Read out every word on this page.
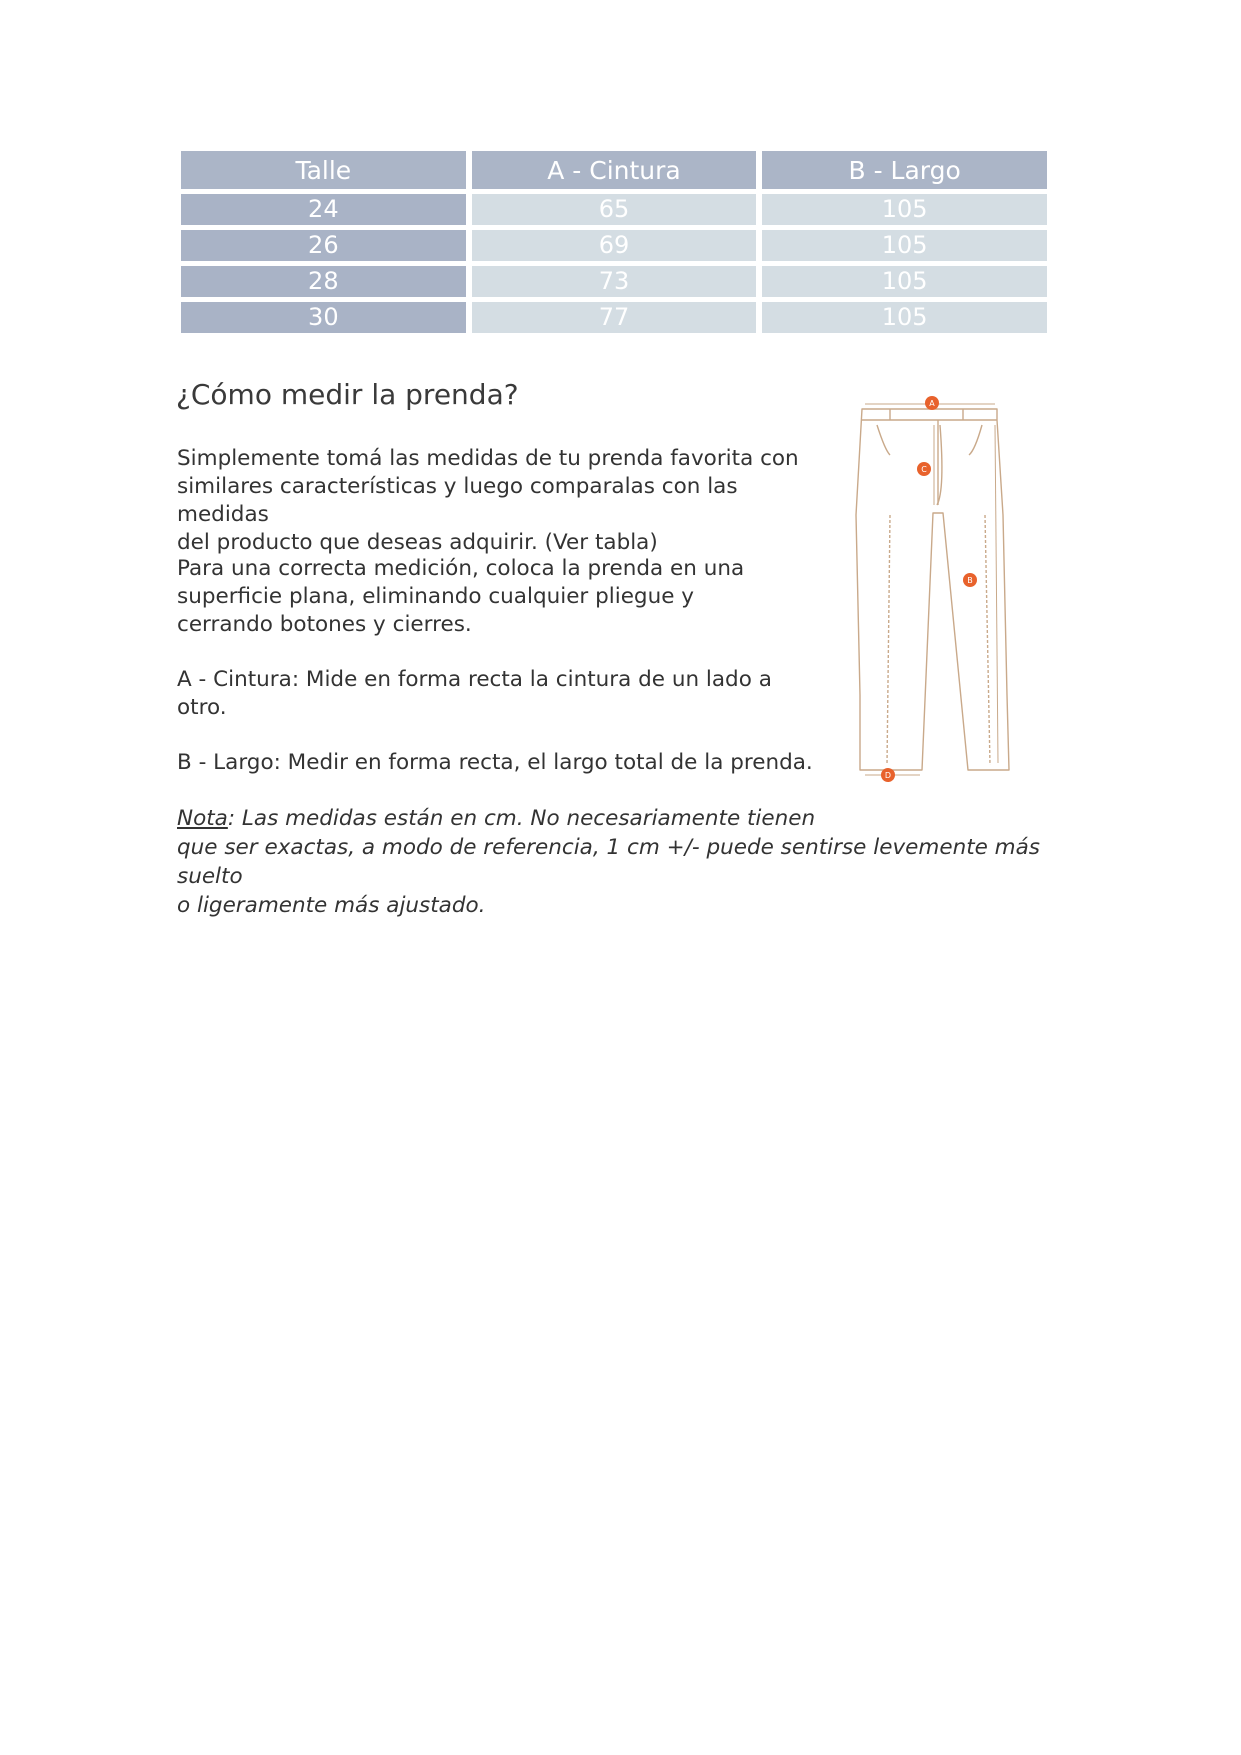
Talle	A - Cintura	B - Largo
24	65	105
26	69	105
28	73	105
30	77	105
¿Cómo medir la prenda?

Simplemente tomá las medidas de tu prenda favorita con
similares características y luego comparalas con las medidas
del producto que deseas adquirir. (Ver tabla)

Para una correcta medición, coloca la prenda en una
superficie plana, eliminando cualquier pliegue y
cerrando botones y cierres.

A - Cintura: Mide en forma recta la cintura de un lado a
otro.

B - Largo: Medir en forma recta, el largo total de la prenda.

Nota: Las medidas están en cm. No necesariamente tienen
que ser exactas, a modo de referencia, 1 cm +/- puede sentirse levemente más suelto
o ligeramente más ajustado.

A
C
B
D
